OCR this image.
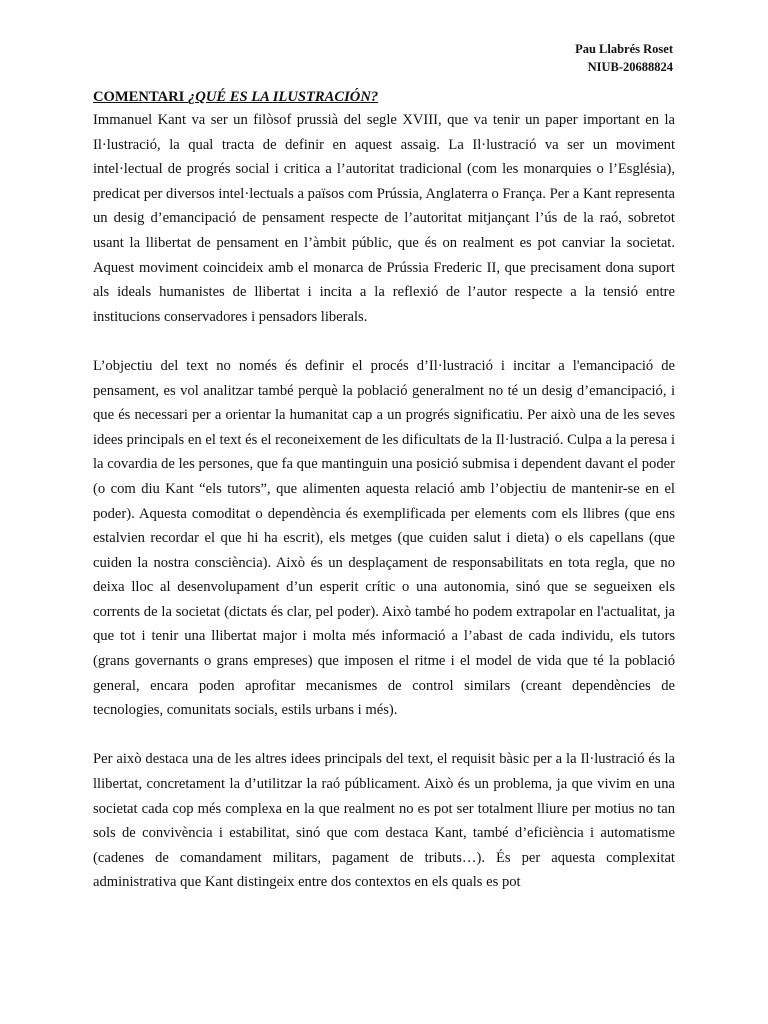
Pau Llabrés Roset
NIUB-20688824
COMENTARI ¿QUÉ ES LA ILUSTRACIÓN?

Immanuel Kant va ser un filòsof prussià del segle XVIII, que va tenir un paper important en la Il·lustració, la qual tracta de definir en aquest assaig. La Il·lustració va ser un moviment intel·lectual de progrés social i critica a l’autoritat tradicional (com les monarquies o l’Església), predicat per diversos intel·lectuals a països com Prússia, Anglaterra o França. Per a Kant representa un desig d’emancipació de pensament respecte de l’autoritat mitjançant l’ús de la raó, sobretot usant la llibertat de pensament en l’àmbit públic, que és on realment es pot canviar la societat. Aquest moviment coincideix amb el monarca de Prússia Frederic II, que precisament dona suport als ideals humanistes de llibertat i incita a la reflexió de l’autor respecte a la tensió entre institucions conservadores i pensadors liberals.

L’objectiu del text no només és definir el procés d’Il·lustració i incitar a l'emancipació de pensament, es vol analitzar també perquè la població generalment no té un desig d’emancipació, i que és necessari per a orientar la humanitat cap a un progrés significatiu. Per això una de les seves idees principals en el text és el reconeixement de les dificultats de la Il·lustració. Culpa a la peresa i la covardia de les persones, que fa que mantinguin una posició submisa i dependent davant el poder (o com diu Kant “els tutors”, que alimenten aquesta relació amb l’objectiu de mantenir-se en el poder). Aquesta comoditat o dependència és exemplificada per elements com els llibres (que ens estalvien recordar el que hi ha escrit), els metges (que cuiden salut i dieta) o els capellans (que cuiden la nostra consciència). Això és un desplaçament de responsabilitats en tota regla, que no deixa lloc al desenvolupament d’un esperit crític o una autonomia, sinó que se segueixen els corrents de la societat (dictats és clar, pel poder). Això també ho podem extrapolar en l'actualitat, ja que tot i tenir una llibertat major i molta més informació a l’abast de cada individu, els tutors (grans governants o grans empreses) que imposen el ritme i el model de vida que té la població general, encara poden aprofitar mecanismes de control similars (creant dependències de tecnologies, comunitats socials, estils urbans i més).

Per això destaca una de les altres idees principals del text, el requisit bàsic per a la Il·lustració és la llibertat, concretament la d’utilitzar la raó públicament. Això és un problema, ja que vivim en una societat cada cop més complexa en la que realment no es pot ser totalment lliure per motius no tan sols de convivència i estabilitat, sinó que com destaca Kant, també d’eficiència i automatisme (cadenes de comandament militars, pagament de tributs…). És per aquesta complexitat administrativa que Kant distingeix entre dos contextos en els quals es pot
